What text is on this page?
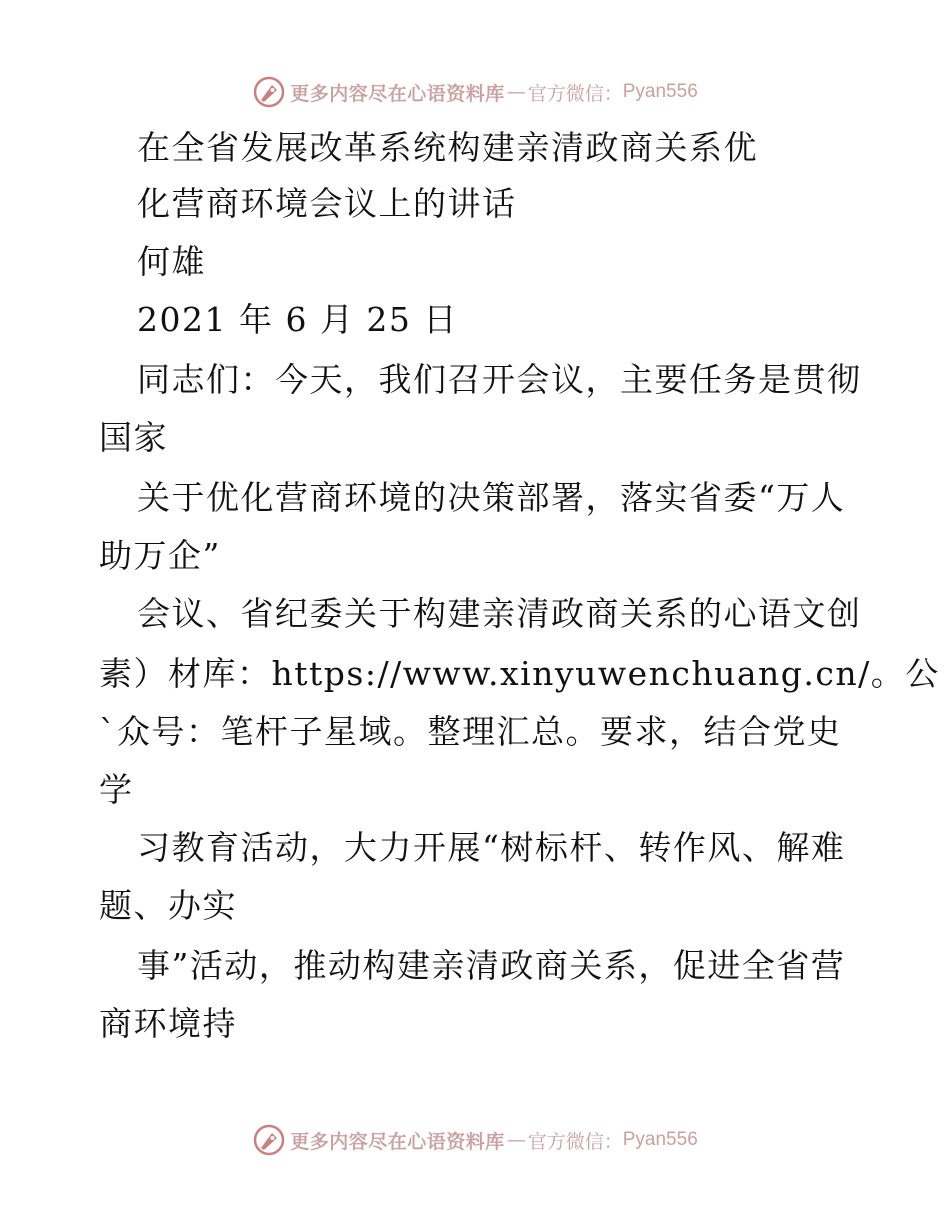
更多内容尽在心语资料库 — 官方微信： Pyan556
在全省发展改革系统构建亲清政商关系优
化营商环境会议上的讲话
何雄
2021 年 6 月 25 日
同志们：今天，我们召开会议，主要任务是贯彻
国家
关于优化营商环境的决策部署，落实省委“万人
助万企”
会议、省纪委关于构建亲清政商关系的心语文创
素）材库：https://www.xinyuwenchuang.cn/。公
`众号：笔杆子星域。整理汇总。要求，结合党史
学
习教育活动，大力开展“树标杆、转作风、解难
题、办实
事”活动，推动构建亲清政商关系，促进全省营
商环境持
更多内容尽在心语资料库 — 官方微信： Pyan556
